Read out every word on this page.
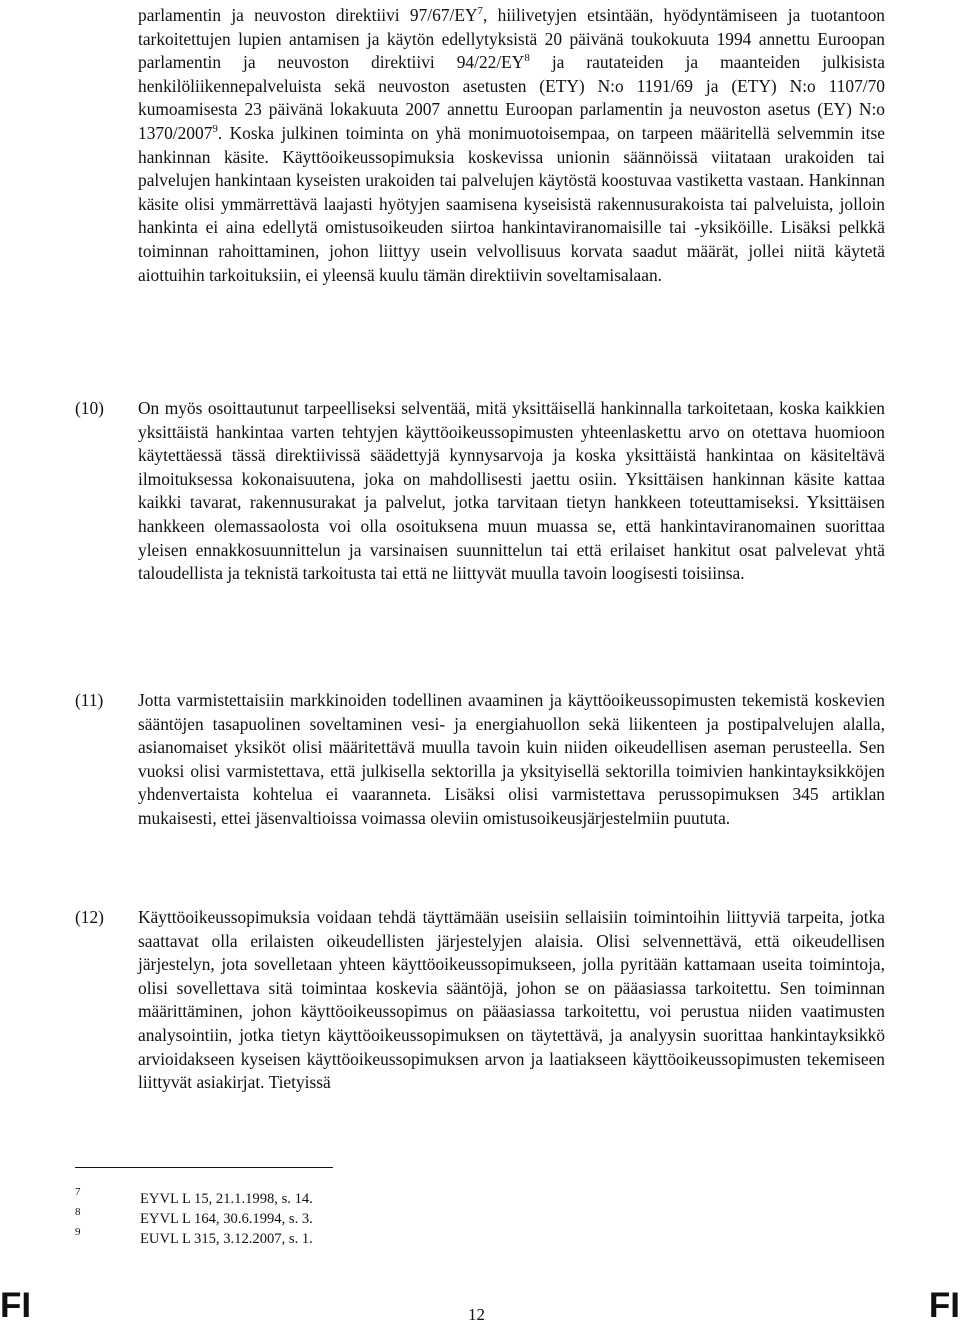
parlamentin ja neuvoston direktiivi $97/67/EY^7$, hiilivetyjen etsintään, hyödyntämiseen ja tuotantoon tarkoitettujen lupien antamisen ja käytön edellytyksistä 20 päivänä toukokuuta 1994 annettu Euroopan parlamentin ja neuvoston direktiivi $94/22/EY^8$ ja rautateiden ja maanteiden julkisista henkilöliikennepalveluista sekä neuvoston asetusten (ETY) N:o 1191/69 ja (ETY) N:o 1107/70 kumoamisesta 23 päivänä lokakuuta 2007 annettu Euroopan parlamentin ja neuvoston asetus (EY) N:o 1370/2007$^9$. Koska julkinen toiminta on yhä monimuotoisempaa, on tarpeen määritellä selvemmin itse hankinnan käsite. Käyttöoikeussopimuksia koskevissa unionin säännöissä viitataan urakoiden tai palvelujen hankintaan kyseisten urakoiden tai palvelujen käytöstä koostuvaa vastiketta vastaan. Hankinnan käsite olisi ymmärrettävä laajasti hyötyjen saamisena kyseisistä rakennusurakoista tai palveluista, jolloin hankinta ei aina edellytä omistusoikeuden siirtoa hankintaviranomaisille tai -yksiköille. Lisäksi pelkkä toiminnan rahoittaminen, johon liittyy usein velvollisuus korvata saadut määrät, jollei niitä käytetä aiottuihin tarkoituksiin, ei yleensä kuulu tämän direktiivin soveltamisalaan.

(10) On myös osoittautunut tarpeelliseksi selventää, mitä yksittäisellä hankinnalla tarkoitetaan, koska kaikkien yksittäistä hankintaa varten tehtyjen käyttöoikeussopimusten yhteenlaskettu arvo on otettava huomioon käytettäessä tässä direktiivissä säädettyjä kynnysarvoja ja koska yksittäistä hankintaa on käsiteltävä ilmoituksessa kokonaisuutena, joka on mahdollisesti jaettu osiin. Yksittäisen hankinnan käsite kattaa kaikki tavarat, rakennusurakat ja palvelut, jotka tarvitaan tietyn hankkeen toteuttamiseksi. Yksittäisen hankkeen olemassaolosta voi olla osoituksena muun muassa se, että hankintaviranomainen suorittaa yleisen ennakkosuunnittelun ja varsinaisen suunnittelun tai että erilaiset hankitut osat palvelevat yhtä taloudellista ja teknistä tarkoitusta tai että ne liittyvät muulla tavoin loogisesti toisiinsa.

(11) Jotta varmistettaisiin markkinoiden todellinen avaaminen ja käyttöoikeussopimusten tekemistä koskevien sääntöjen tasapuolinen soveltaminen vesi- ja energiahuollon sekä liikenteen ja postipalvelujen alalla, asianomaiset yksiköt olisi määritettävä muulla tavoin kuin niiden oikeudellisen aseman perusteella. Sen vuoksi olisi varmistettava, että julkisella sektorilla ja yksityisellä sektorilla toimivien hankintayksikköjen yhdenvertaista kohtelua ei vaaranneta. Lisäksi olisi varmistettava perussopimuksen 345 artiklan mukaisesti, ettei jäsenvaltioissa voimassa oleviin omistusoikeusjärjestelmiin puututa.

(12) Käyttöoikeussopimuksia voidaan tehdä täyttämään useisiin sellaisiin toimintoihin liittyviä tarpeita, jotka saattavat olla erilaisten oikeudellisten järjestelyjen alaisia. Olisi selvennettävä, että oikeudellisen järjestelyn, jota sovelletaan yhteen käyttöoikeussopimukseen, jolla pyritään kattamaan useita toimintoja, olisi sovellettava sitä toimintaa koskevia sääntöjä, johon se on pääasiassa tarkoitettu. Sen toiminnan määrittäminen, johon käyttöoikeussopimus on pääasiassa tarkoitettu, voi perustua niiden vaatimusten analysointiin, jotka tietyn käyttöoikeussopimuksen on täytettävä, ja analyysin suorittaa hankintayksikkö arvioidakseen kyseisen käyttöoikeussopimuksen arvon ja laatiakseen käyttöoikeussopimusten tekemiseen liittyvät asiakirjat. Tietyissä

7	EYVL L 15, 21.1.1998, s. 14.
8	EYVL L 164, 30.6.1994, s. 3.
9	EUVL L 315, 3.12.2007, s. 1.
FI	12	FI
